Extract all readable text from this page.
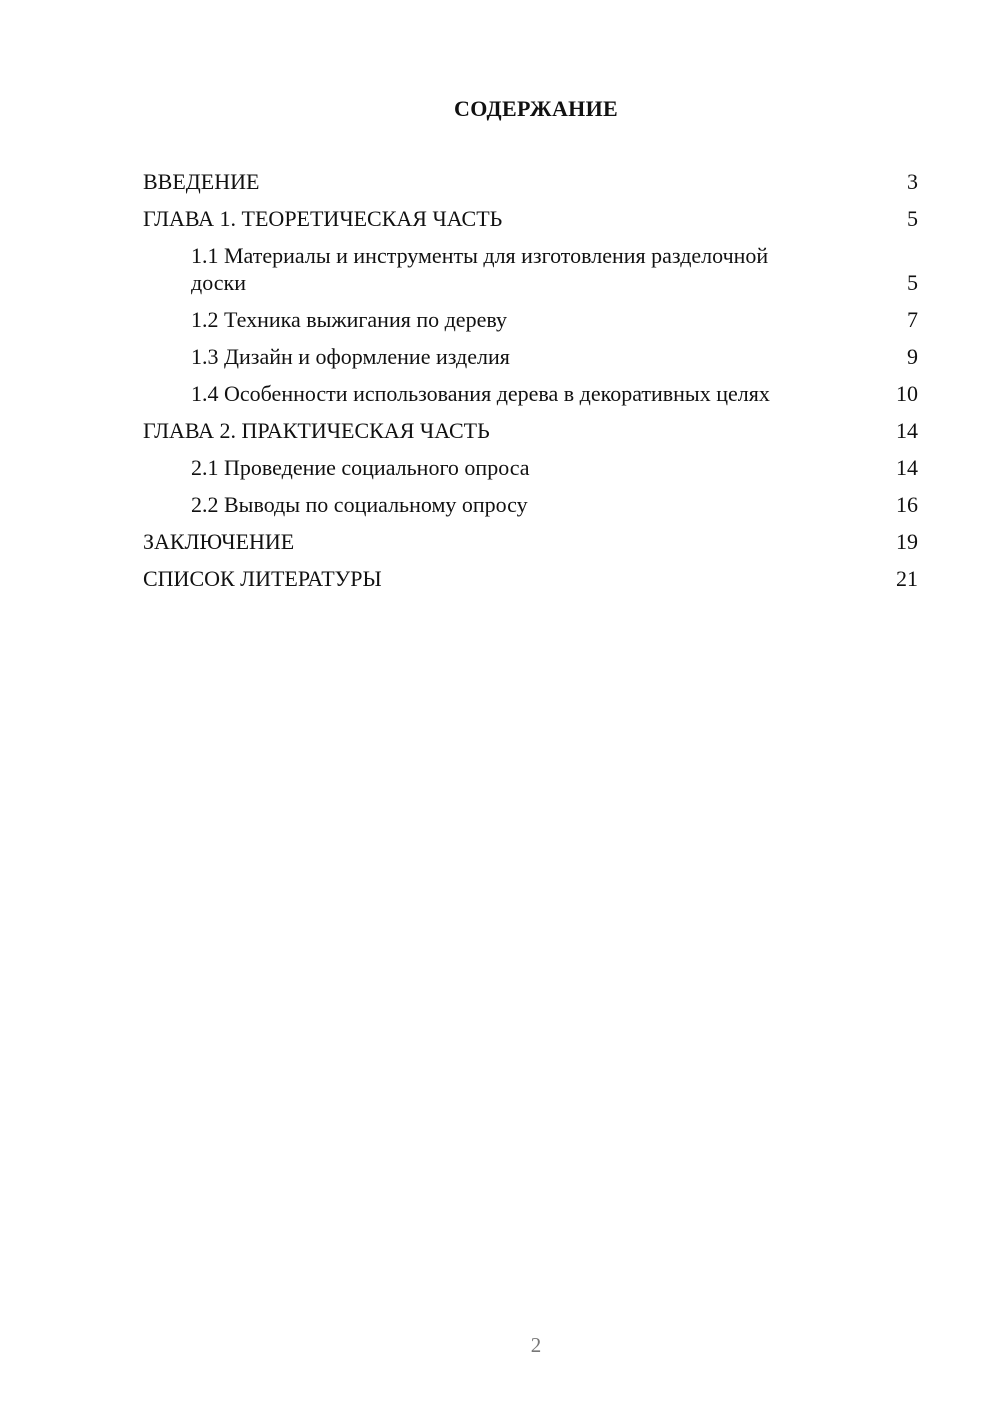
СОДЕРЖАНИЕ
ВВЕДЕНИЕ	3
ГЛАВА 1. ТЕОРЕТИЧЕСКАЯ ЧАСТЬ	5
1.1 Материалы и инструменты для изготовления разделочной доски	5
1.2 Техника выжигания по дереву	7
1.3 Дизайн и оформление изделия	9
1.4 Особенности использования дерева в декоративных целях	10
ГЛАВА 2. ПРАКТИЧЕСКАЯ ЧАСТЬ	14
2.1 Проведение социального опроса	14
2.2 Выводы по социальному опросу	16
ЗАКЛЮЧЕНИЕ	19
СПИСОК ЛИТЕРАТУРЫ	21
2
